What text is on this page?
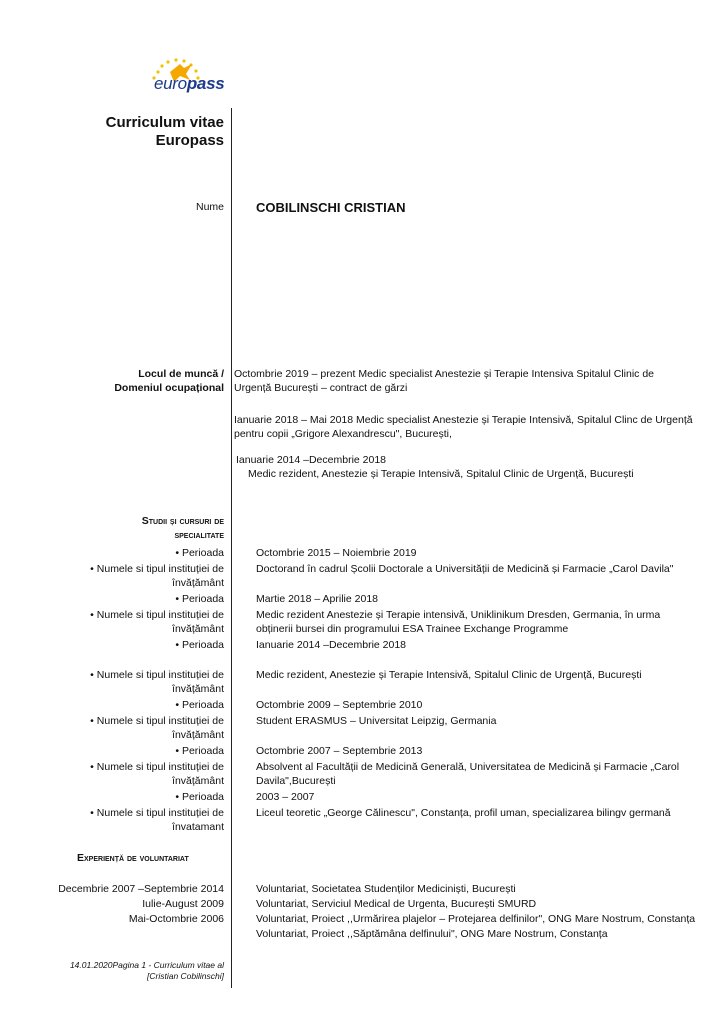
europass
Curriculum vitae
Europass
Nume COBILINSCHI CRISTIAN
Locul de muncă /
Domeniul ocupațional
Octombrie 2019 – prezent Medic specialist Anestezie și Terapie Intensiva Spitalul Clinic de
Urgență București – contract de gărzi
Ianuarie 2018 – Mai 2018 Medic specialist Anestezie și Terapie Intensivă, Spitalul Clinc de Urgență
pentru copii „Grigore Alexandrescu", București,
Ianuarie 2014 –Decembrie 2018
Medic rezident, Anestezie și Terapie Intensivă, Spitalul Clinic de Urgență, București
Studii și cursuri de
specialitate
• Perioada	Octombrie 2015 – Noiembrie 2019
• Numele si tipul instituției de
învățământ
Doctorand în cadrul Școlii Doctorale a Universității de Medicină și Farmacie „Carol Davila"
• Perioada	Martie 2018 – Aprilie 2018
• Numele si tipul instituției de
învățământ
Medic rezident Anestezie și Terapie intensivă, Uniklinikum Dresden, Germania, în urma
obținerii bursei din programului ESA Trainee Exchange Programme
• Perioada	Ianuarie 2014 –Decembrie 2018
• Numele si tipul instituției de
învățământ
Medic rezident, Anestezie și Terapie Intensivă, Spitalul Clinic de Urgență, București
• Perioada	Octombrie 2009 – Septembrie 2010
• Numele si tipul instituției de
învățământ
Student ERASMUS – Universitat Leipzig, Germania
• Perioada	Octombrie 2007 – Septembrie 2013
• Numele si tipul instituției de
învățământ
Absolvent al Facultății de Medicină Generală, Universitatea de Medicină și Farmacie „Carol
Davila",București
• Perioada	2003 – 2007
• Numele si tipul instituției de
învatamant
Liceul teoretic „George Călinescu", Constanța, profil uman, specializarea bilingv germană
Experiență de voluntariat
Decembrie 2007 –Septembrie 2014	Voluntariat, Societatea Studenților Mediciniști, București
Iulie-August 2009	Voluntariat, Serviciul Medical de Urgenta, București SMURD
Mai-Octombrie 2006	Voluntariat, Proiect ,,Urmărirea plajelor – Protejarea delfinilor", ONG Mare Nostrum, Constanța
Voluntariat, Proiect ,,Săptămâna delfinului", ONG Mare Nostrum, Constanța
14.01.2020Pagina 1 - Curriculum vitae al
[Cristian Cobilinschi]
